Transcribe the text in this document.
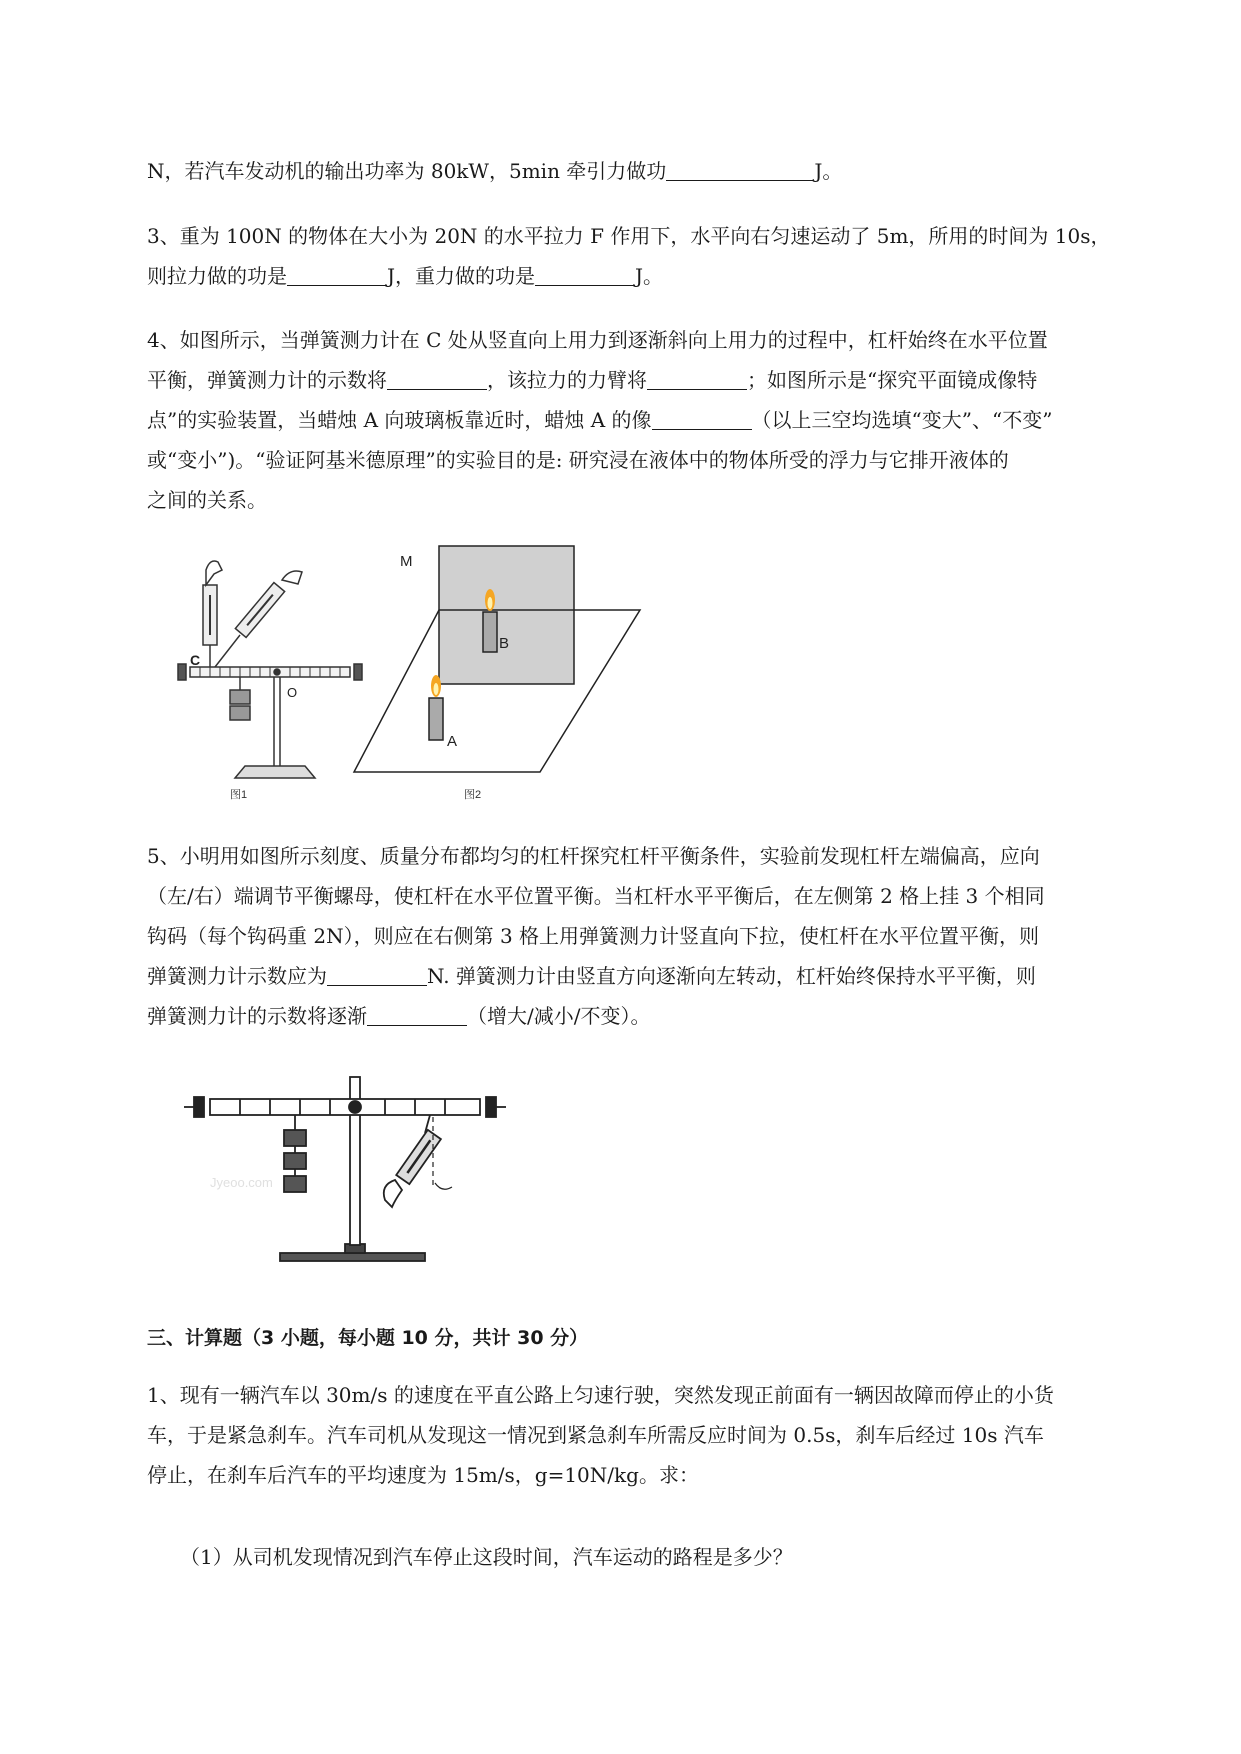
N，若汽车发动机的输出功率为 80kW，5min 牵引力做功	J。
3、重为 100N 的物体在大小为 20N 的水平拉力 F 作用下，水平向右匀速运动了 5m，所用的时间为 10s，
则拉力做的功是	J，重力做的功是	J。
4、如图所示，当弹簧测力计在 C 处从竖直向上用力到逐渐斜向上用力的过程中，杠杆始终在水平位置
平衡，弹簧测力计的示数将	，该拉力的力臂将	；如图所示是“探究平面镜成像特
点”的实验装置，当蜡烛 A 向玻璃板靠近时，蜡烛 A 的像	（以上三空均选填“变大”、“不变”
或“变小”)。“验证阿基米德原理”的实验目的是: 研究浸在液体中的物体所受的浮力与它排开液体的
之间的关系。
C
O
图1
M
A
B
图2
5、小明用如图所示刻度、质量分布都均匀的杠杆探究杠杆平衡条件，实验前发现杠杆左端偏高，应向
（左/右）端调节平衡螺母，使杠杆在水平位置平衡。当杠杆水平平衡后，在左侧第 2 格上挂 3 个相同
钩码（每个钩码重 2N），则应在右侧第 3 格上用弹簧测力计竖直向下拉，使杠杆在水平位置平衡，则
弹簧测力计示数应为	N. 弹簧测力计由竖直方向逐渐向左转动，杠杆始终保持水平平衡，则
弹簧测力计的示数将逐渐	（增大/减小/不变）。
Jyeoo.com
三、计算题（3 小题，每小题 10 分，共计 30 分）
1、现有一辆汽车以 30m/s 的速度在平直公路上匀速行驶，突然发现正前面有一辆因故障而停止的小货
车，于是紧急刹车。汽车司机从发现这一情况到紧急刹车所需反应时间为 0.5s，刹车后经过 10s 汽车
停止，在刹车后汽车的平均速度为 15m/s，g=10N/kg。求：
（1）从司机发现情况到汽车停止这段时间，汽车运动的路程是多少？
